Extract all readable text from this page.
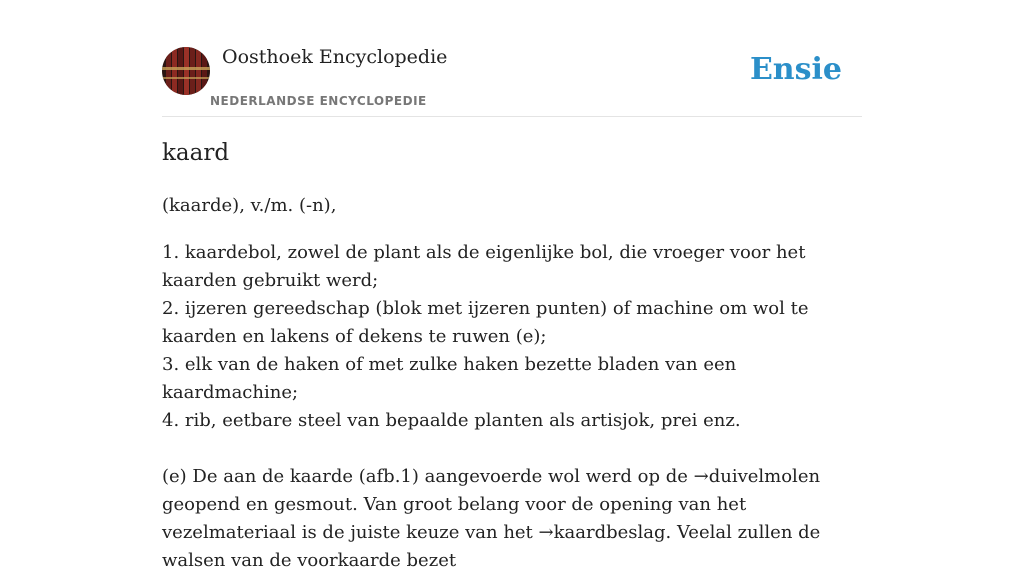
Oosthoek Encyclopedie
NEDERLANDSE ENCYCLOPEDIE
Ensie
kaard
(kaarde), v./m. (-n),

1. kaardebol, zowel de plant als de eigenlijke bol, die vroeger voor het kaarden gebruikt werd;

2. ijzeren gereedschap (blok met ijzeren punten) of machine om wol te kaarden en lakens of dekens te ruwen (e);

3. elk van de haken of met zulke haken bezette bladen van een kaardmachine;

4. rib, eetbare steel van bepaalde planten als artisjok, prei enz.

(e) De aan de kaarde (afb.1) aangevoerde wol werd op de →duivelmolen geopend en gesmout. Van groot belang voor de opening van het vezelmateriaal is de juiste keuze van het →kaardbeslag. Veelal zullen de walsen van de voorkaarde bezet
